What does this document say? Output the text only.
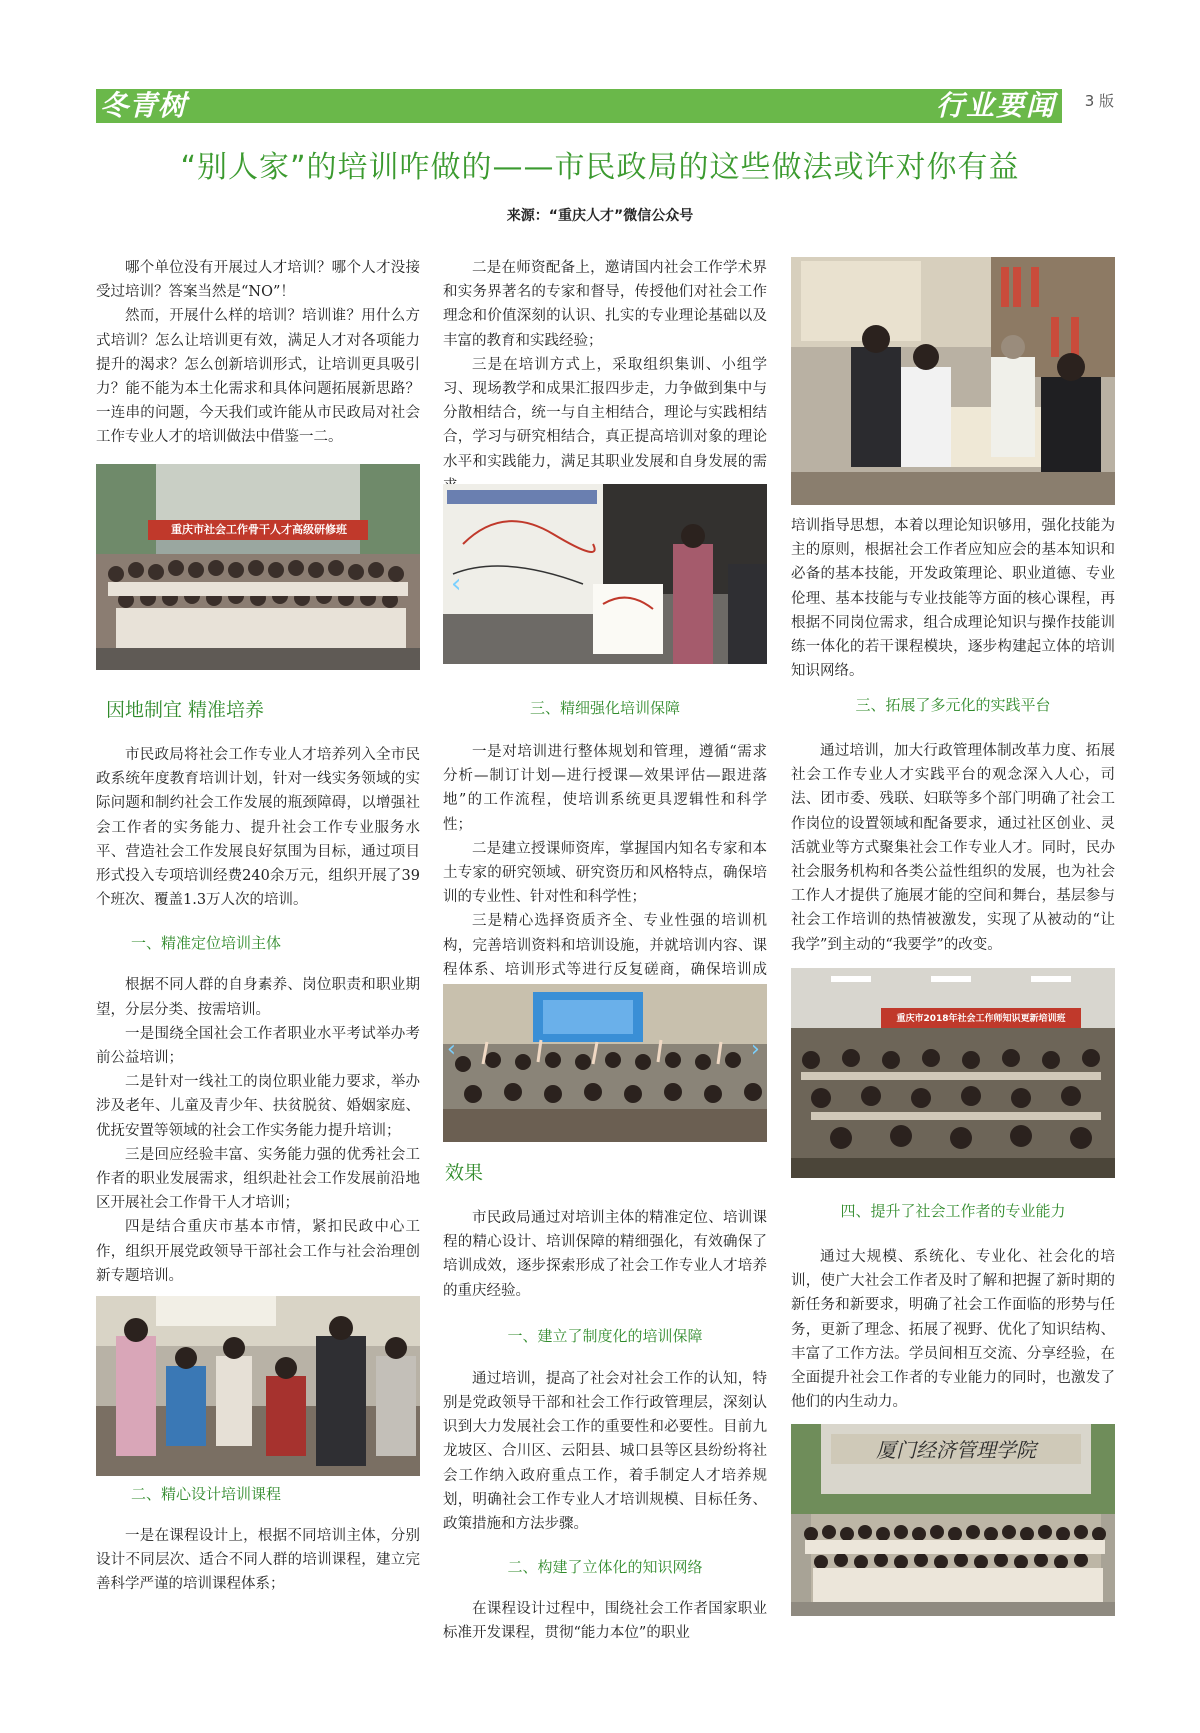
冬青树	行业要闻 3 版
“别人家”的培训咋做的——市民政局的这些做法或许对你有益
来源：“重庆人才”微信公众号

哪个单位没有开展过人才培训？哪个人才没接受过培训？答案当然是“NO”！

然而，开展什么样的培训？培训谁？用什么方式培训？怎么让培训更有效，满足人才对各项能力提升的渴求？怎么创新培训形式，让培训更具吸引力？能不能为本土化需求和具体问题拓展新思路？一连串的问题，今天我们或许能从市民政局对社会工作专业人才的培训做法中借鉴一二。

重庆市社会工作骨干人才高级研修班
因地制宜 精准培养

市民政局将社会工作专业人才培养列入全市民政系统年度教育培训计划，针对一线实务领域的实际问题和制约社会工作发展的瓶颈障碍，以增强社会工作者的实务能力、提升社会工作专业服务水平、营造社会工作发展良好氛围为目标，通过项目形式投入专项培训经费240余万元，组织开展了39个班次、覆盖1.3万人次的培训。

一、精准定位培训主体

根据不同人群的自身素养、岗位职责和职业期望，分层分类、按需培训。

一是围绕全国社会工作者职业水平考试举办考前公益培训；

二是针对一线社工的岗位职业能力要求，举办涉及老年、儿童及青少年、扶贫脱贫、婚姻家庭、优抚安置等领域的社会工作实务能力提升培训；

三是回应经验丰富、实务能力强的优秀社会工作者的职业发展需求，组织赴社会工作发展前沿地区开展社会工作骨干人才培训；

四是结合重庆市基本市情，紧扣民政中心工作，组织开展党政领导干部社会工作与社会治理创新专题培训。

二、精心设计培训课程

一是在课程设计上，根据不同培训主体，分别设计不同层次、适合不同人群的培训课程，建立完善科学严谨的培训课程体系；

二是在师资配备上，邀请国内社会工作学术界和实务界著名的专家和督导，传授他们对社会工作理念和价值深刻的认识、扎实的专业理论基础以及丰富的教育和实践经验；

三是在培训方式上，采取组织集训、小组学习、现场教学和成果汇报四步走，力争做到集中与分散相结合，统一与自主相结合，理论与实践相结合，学习与研究相结合，真正提高培训对象的理论水平和实践能力，满足其职业发展和自身发展的需

‹
三、精细强化培训保障

一是对培训进行整体规划和管理，遵循“需求分析—制订计划—进行授课—效果评估—跟进落地”的工作流程，使培训系统更具逻辑性和科学性；

二是建立授课师资库，掌握国内知名专家和本土专家的研究领域、研究资历和风格特点，确保培训的专业性、针对性和科学性；

三是精心选择资质齐全、专业性强的培训机构，完善培训资料和培训设施，并就培训内容、课程体系、培训形式等进行反复磋商，确保培训成

‹	›
效果

市民政局通过对培训主体的精准定位、培训课程的精心设计、培训保障的精细强化，有效确保了培训成效，逐步探索形成了社会工作专业人才培养的重庆经验。

一、建立了制度化的培训保障

通过培训，提高了社会对社会工作的认知，特别是党政领导干部和社会工作行政管理层，深刻认识到大力发展社会工作的重要性和必要性。目前九龙坡区、合川区、云阳县、城口县等区县纷纷将社会工作纳入政府重点工作，着手制定人才培养规划，明确社会工作专业人才培训规模、目标任务、政策措施和方法步骤。

二、构建了立体化的知识网络

在课程设计过程中，围绕社会工作者国家职业标准开发课程，贯彻“能力本位”的职业

培训指导思想，本着以理论知识够用，强化技能为主的原则，根据社会工作者应知应会的基本知识和必备的基本技能，开发政策理论、职业道德、专业伦理、基本技能与专业技能等方面的核心课程，再根据不同岗位需求，组合成理论知识与操作技能训练一体化的若干课程模块，逐步构建起立体的培训知识网络。

三、拓展了多元化的实践平台

通过培训，加大行政管理体制改革力度、拓展社会工作专业人才实践平台的观念深入人心，司法、团市委、残联、妇联等多个部门明确了社会工作岗位的设置领域和配备要求，通过社区创业、灵活就业等方式聚集社会工作专业人才。同时，民办社会服务机构和各类公益性组织的发展，也为社会工作人才提供了施展才能的空间和舞台，基层参与社会工作培训的热情被激发，实现了从被动的“让我学”到主动的“我要学”的改变。

重庆市2018年社会工作师知识更新培训班
四、提升了社会工作者的专业能力

通过大规模、系统化、专业化、社会化的培训，使广大社会工作者及时了解和把握了新时期的新任务和新要求，明确了社会工作面临的形势与任务，更新了理念、拓展了视野、优化了知识结构、丰富了工作方法。学员间相互交流、分享经验，在全面提升社会工作者的专业能力的同时，也激发了他们的内生动力。

厦门经济管理学院
